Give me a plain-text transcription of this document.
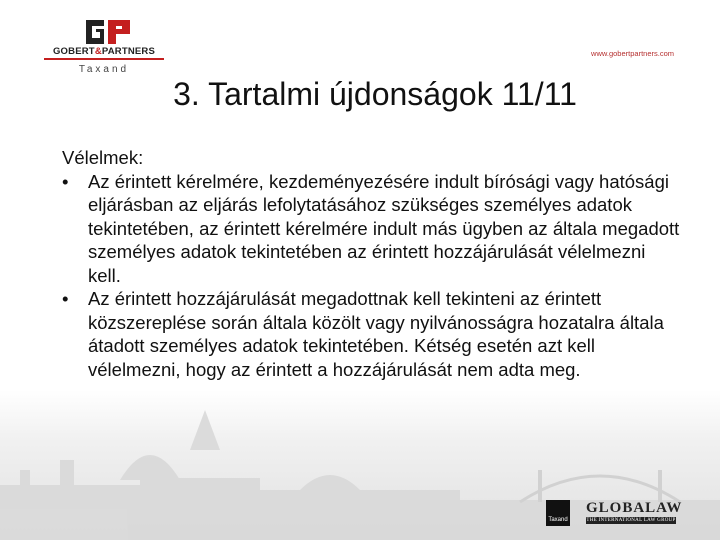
GOBERT&PARTNERS
Taxand
www.gobertpartners.com
3. Tartalmi újdonságok 11/11

Vélelmek:

• Az érintett kérelmére, kezdeményezésére indult bírósági vagy hatósági eljárásban az eljárás lefolytatásához szükséges személyes adatok tekintetében, az érintett kérelmére indult más ügyben az általa megadott személyes adatok tekintetében az érintett hozzájárulását vélelmezni kell.
• Az érintett hozzájárulását megadottnak kell tekinteni az érintett közszereplése során általa közölt vagy nyilvánosságra hozatalra általa átadott személyes adatok tekintetében. Kétség esetén azt kell vélelmezni, hogy az érintett a hozzájárulását nem adta meg.
Taxand
GLOBALAW
THE INTERNATIONAL LAW GROUP
